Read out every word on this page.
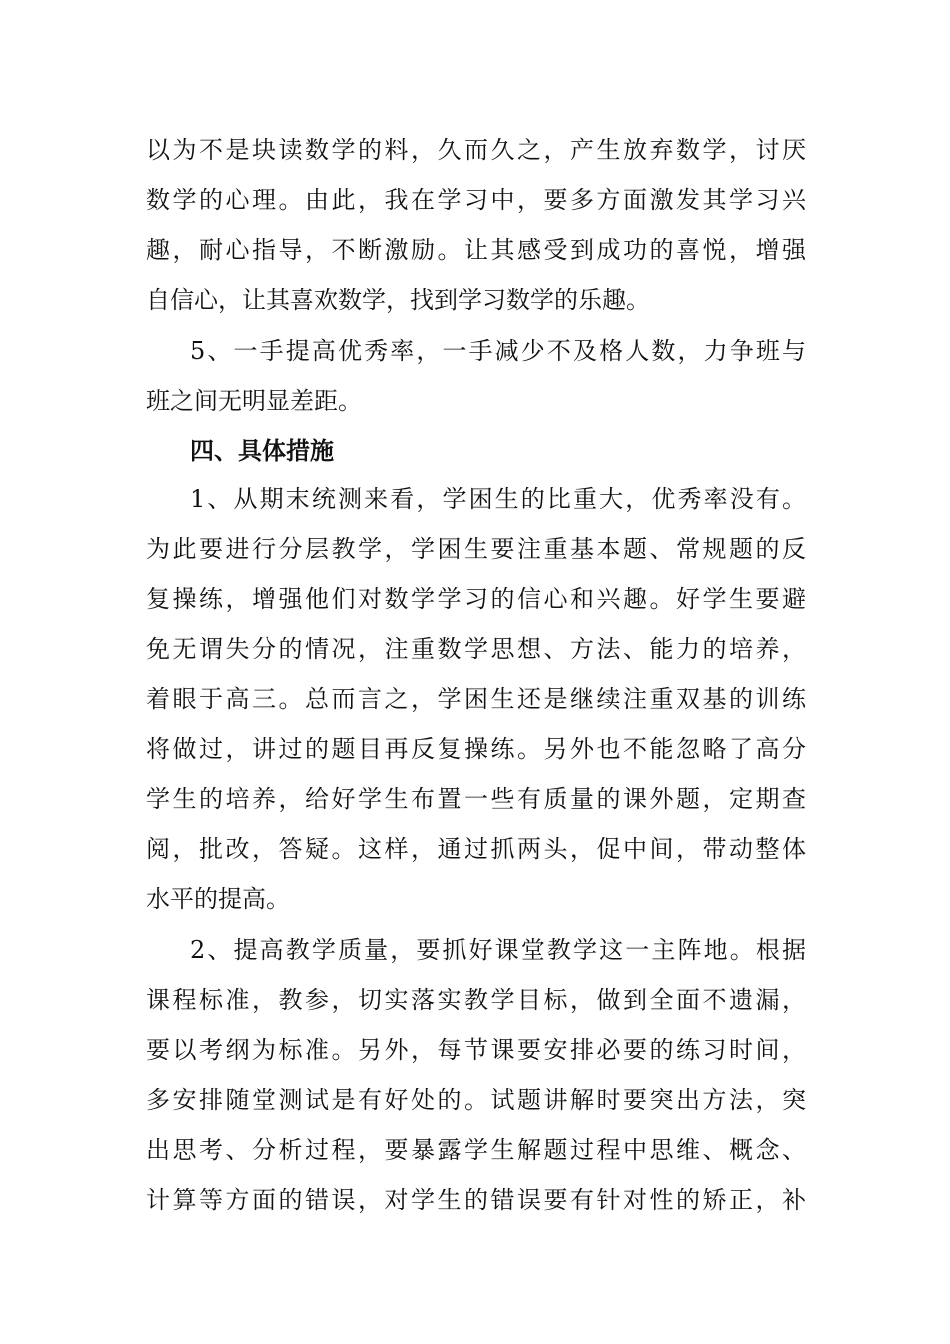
以为不是块读数学的料，久而久之，产生放弃数学，讨厌
数学的心理。由此，我在学习中，要多方面激发其学习兴
趣，耐心指导，不断激励。让其感受到成功的喜悦，增强
自信心，让其喜欢数学，找到学习数学的乐趣。
5、一手提高优秀率，一手减少不及格人数，力争班与
班之间无明显差距。
四、具体措施
1、从期末统测来看，学困生的比重大，优秀率没有。
为此要进行分层教学，学困生要注重基本题、常规题的反
复操练，增强他们对数学学习的信心和兴趣。好学生要避
免无谓失分的情况，注重数学思想、方法、能力的培养，
着眼于高三。总而言之，学困生还是继续注重双基的训练
将做过，讲过的题目再反复操练。另外也不能忽略了高分
学生的培养，给好学生布置一些有质量的课外题，定期查
阅，批改，答疑。这样，通过抓两头，促中间，带动整体
水平的提高。
2、提高教学质量，要抓好课堂教学这一主阵地。根据
课程标准，教参，切实落实教学目标，做到全面不遗漏，
要以考纲为标准。另外，每节课要安排必要的练习时间，
多安排随堂测试是有好处的。试题讲解时要突出方法，突
出思考、分析过程，要暴露学生解题过程中思维、概念、
计算等方面的错误，对学生的错误要有针对性的矫正，补
